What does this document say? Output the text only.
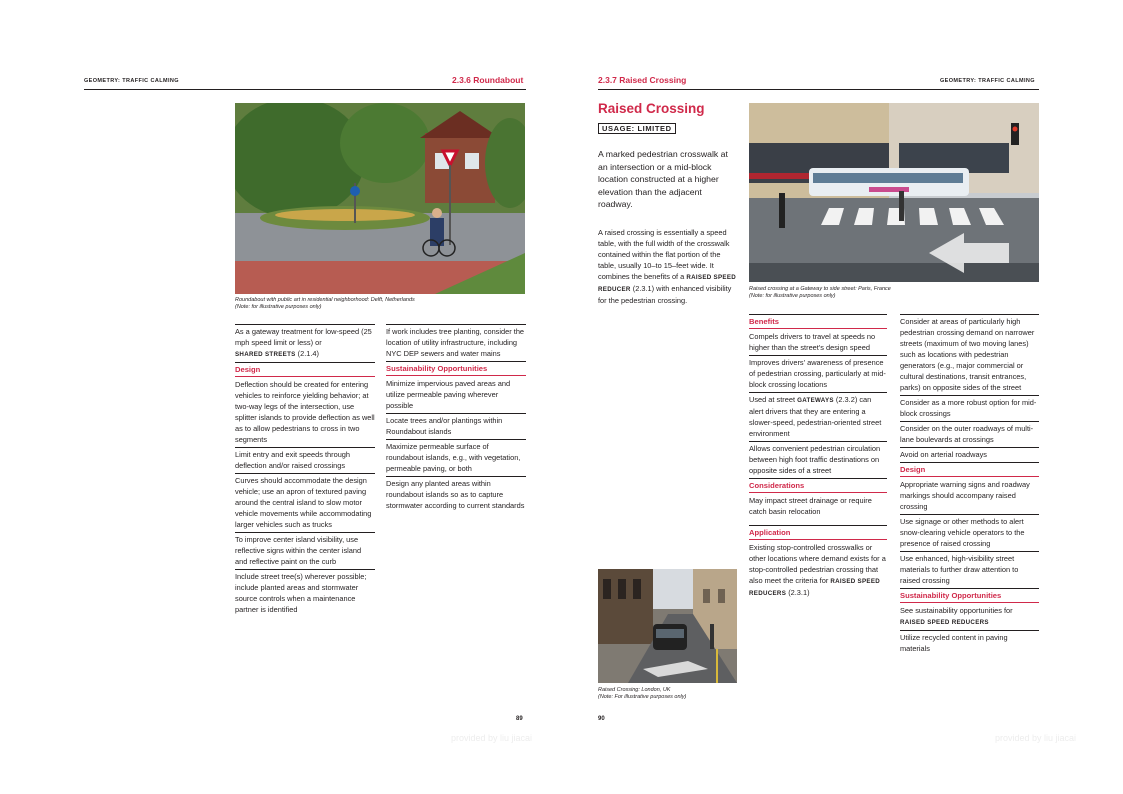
GEOMETRY: TRAFFIC CALMING	2.3.6 Roundabout
Roundabout with public art in residential neighborhood: Delft, Netherlands
(Note: for illustrative purposes only)
As a gateway treatment for low-speed (25 mph speed limit or less) or
SHARED STREETS (2.1.4)
Design
Deflection should be created for entering vehicles to reinforce yielding behavior; at two-way legs of the intersection, use splitter islands to provide deflection as well as to allow pedestrians to cross in two segments
Limit entry and exit speeds through deflection and/or raised crossings
Curves should accommodate the design vehicle; use an apron of textured paving around the central island to slow motor vehicle movements while accommodating larger vehicles such as trucks
To improve center island visibility, use reflective signs within the center island and reflective paint on the curb
Include street tree(s) wherever possible; include planted areas and stormwater source controls when a maintenance partner is identified
If work includes tree planting, consider the location of utility infrastructure, including NYC DEP sewers and water mains
Sustainability Opportunities
Minimize impervious paved areas and utilize permeable paving wherever possible
Locate trees and/or plantings within Roundabout islands
Maximize permeable surface of roundabout islands, e.g., with vegetation, permeable paving, or both
Design any planted areas within roundabout islands so as to capture stormwater according to current standards
89
provided by liu jiacai
2.3.7 Raised Crossing	GEOMETRY: TRAFFIC CALMING
Raised Crossing
USAGE: LIMITED
A marked pedestrian crosswalk at an intersection or a mid-block location constructed at a higher elevation than the adjacent roadway.
A raised crossing is essentially a speed table, with the full width of the crosswalk contained within the flat portion of the table, usually 10–to 15–feet wide. It combines the benefits of a RAISED SPEED REDUCER (2.3.1) with enhanced visibility for the pedestrian crossing.
Raised crossing at a Gateway to side street: Paris, France
(Note: for illustrative purposes only)
Benefits
Compels drivers to travel at speeds no higher than the street's design speed
Improves drivers' awareness of presence of pedestrian crossing, particularly at mid-block crossing locations
Used at street GATEWAYS (2.3.2) can alert drivers that they are entering a slower-speed, pedestrian-oriented street environment
Allows convenient pedestrian circulation between high foot traffic destinations on opposite sides of a street
Considerations
May impact street drainage or require catch basin relocation
Application
Existing stop-controlled crosswalks or other locations where demand exists for a stop-controlled pedestrian crossing that also meet the criteria for RAISED SPEED REDUCERS (2.3.1)
Consider at areas of particularly high pedestrian crossing demand on narrower streets (maximum of two moving lanes) such as locations with pedestrian generators (e.g., major commercial or cultural destinations, transit entrances, parks) on opposite sides of the street
Consider as a more robust option for mid-block crossings
Consider on the outer roadways of multi-lane boulevards at crossings
Avoid on arterial roadways
Design
Appropriate warning signs and roadway markings should accompany raised crossing
Use signage or other methods to alert snow-clearing vehicle operators to the presence of raised crossing
Use enhanced, high-visibility street materials to further draw attention to raised crossing
Sustainability Opportunities
See sustainability opportunities for
RAISED SPEED REDUCERS
Utilize recycled content in paving materials
Raised Crossing: London, UK
(Note: For illustrative purposes only)
90
provided by liu jiacai
